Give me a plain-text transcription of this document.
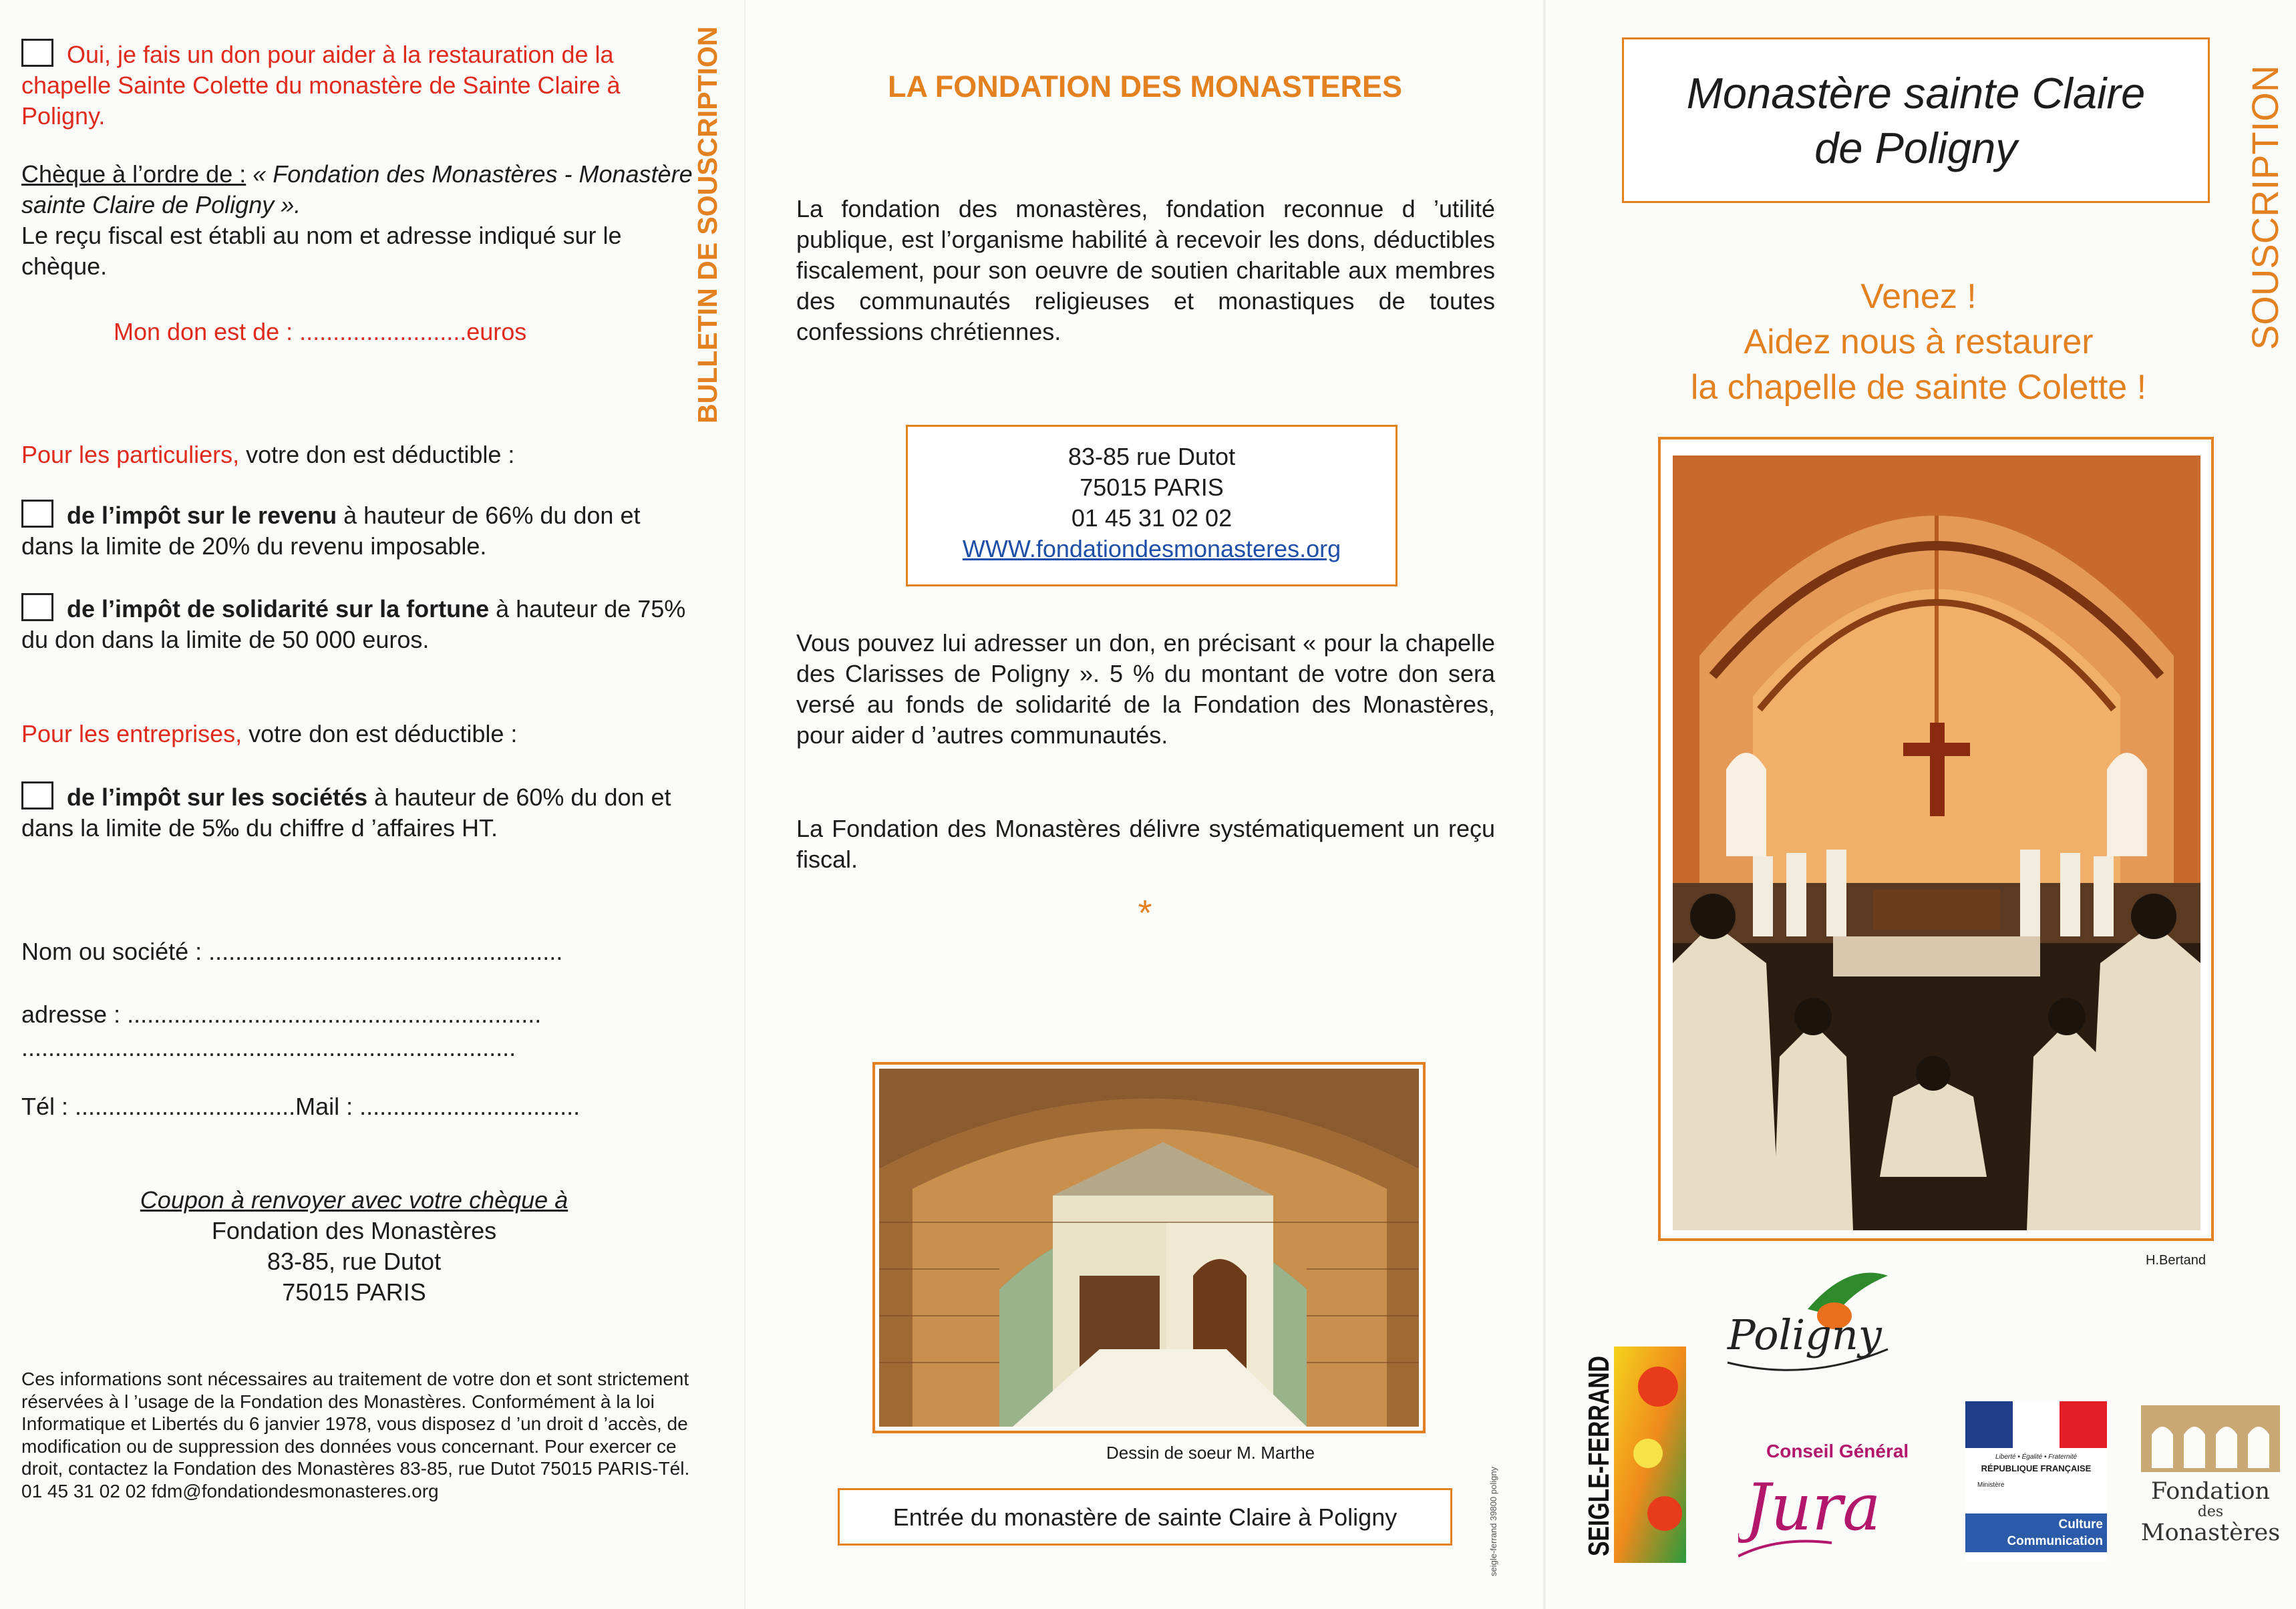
Oui, je fais un don pour aider à la restauration de la chapelle Sainte Colette du monastère de Sainte Claire à Poligny.
Chèque à l’ordre de : « Fondation des Monastères - Monastère sainte Claire de Poligny ».
Le reçu fiscal est établi au nom et adresse indiqué sur le chèque.
Mon don est de : .........................euros
Pour les particuliers, votre don est déductible :
de l’impôt sur le revenu à hauteur de 66% du don et dans la limite de 20% du revenu imposable.
de l’impôt de solidarité sur la fortune à hauteur de 75% du don dans la limite de 50 000 euros.
Pour les entreprises, votre don est déductible :
de l’impôt sur les sociétés à hauteur de 60% du don et dans la limite de 5‰ du chiffre d ’affaires HT.
Nom ou société : .....................................................
adresse : ..............................................................
..........................................................................
Tél : .................................Mail : .................................
Coupon à renvoyer avec votre chèque à
Fondation des Monastères
83-85, rue Dutot
75015 PARIS
Ces informations sont nécessaires au traitement de votre don et sont strictement réservées à l ’usage de la Fondation des Monastères. Conformément à la loi Informatique et Libertés du 6 janvier 1978, vous disposez d ’un droit d ’accès, de modification ou de suppression des données vous concernant. Pour exercer ce droit, contactez la Fondation des Monastères 83-85, rue Dutot 75015 PARIS-Tél. 01 45 31 02 02 fdm@fondationdesmonasteres.org
BULLETIN DE SOUSCRIPTION	LA FONDATION DES MONASTERES
La fondation des monastères, fondation reconnue d ’utilité publique, est l’organisme habilité à recevoir les dons, déductibles fiscalement, pour son oeuvre de soutien charitable aux membres des communautés religieuses et monastiques de toutes confessions chrétiennes.
83-85 rue Dutot
75015 PARIS
01 45 31 02 02
WWW.fondationdesmonasteres.org
Vous pouvez lui adresser un don, en précisant « pour la chapelle des Clarisses de Poligny ». 5 % du montant de votre don sera versé au fonds de solidarité de la Fondation des Monastères, pour aider d ’autres communautés.
La Fondation des Monastères délivre systématiquement un reçu fiscal.
*
Dessin de soeur M. Marthe
Entrée du monastère de sainte Claire à Poligny	seigle-ferrand 39800 poligny
Monastère sainte Claire
de Poligny	SOUSCRIPTION
Venez !
Aidez nous à restaurer
la chapelle de sainte Colette !
H.Bertand
SEIGLE-FERRAND	Poligny
Conseil Général
Jura
Liberté • Égalité • Fraternité
RÉPUBLIQUE FRANÇAISE
Ministère
Culture
Communication
Fondation
des
Monastères
